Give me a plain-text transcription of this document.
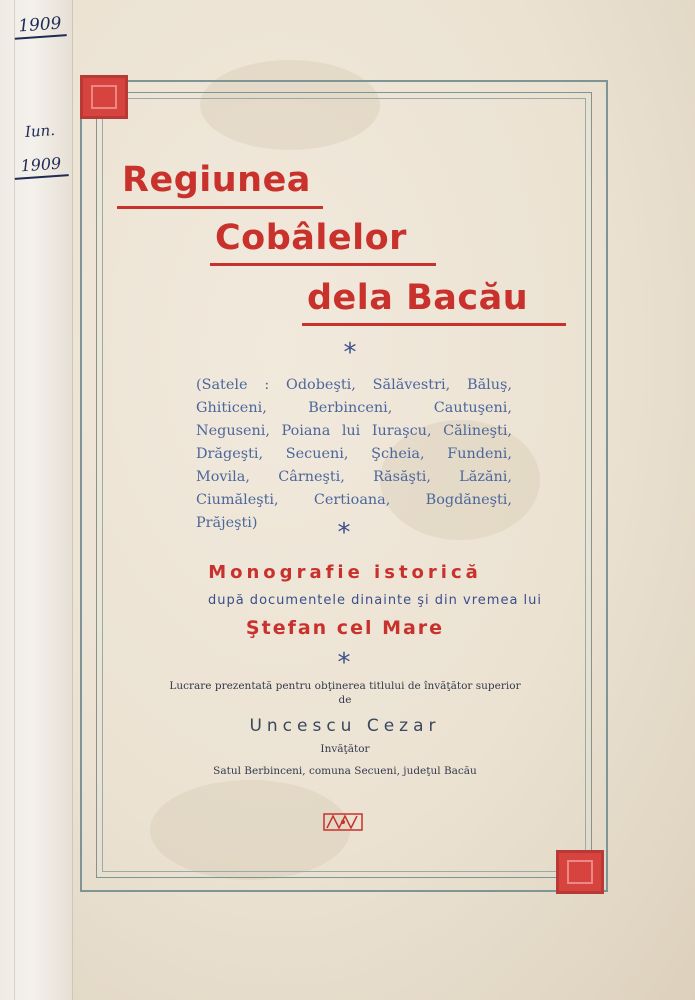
1909
Iun.
1909 Regiunea
Cobâlelor
dela Bacău
*
(Satele : Odobeşti, Sălăvestri, Băluş, Ghiticeni, Berbinceni, Cautuşeni, Neguseni, Poiana lui Iuraşcu, Călineşti, Drăgeşti, Secueni, Şcheia, Fundeni, Movila, Cârneşti, Răsăşti, Lăzăni, Ciumăleşti, Certioana, Bogdăneşti, Prăjeşti)	*
Monografie istorică
după documentele dinainte şi din vremea lui
Ştefan cel Mare
*
Lucrare prezentată pentru obţinerea titlului de învăţător superior
de
Uncescu Cezar
Invăţător
Satul Berbinceni, comuna Secueni, judeţul Bacău
